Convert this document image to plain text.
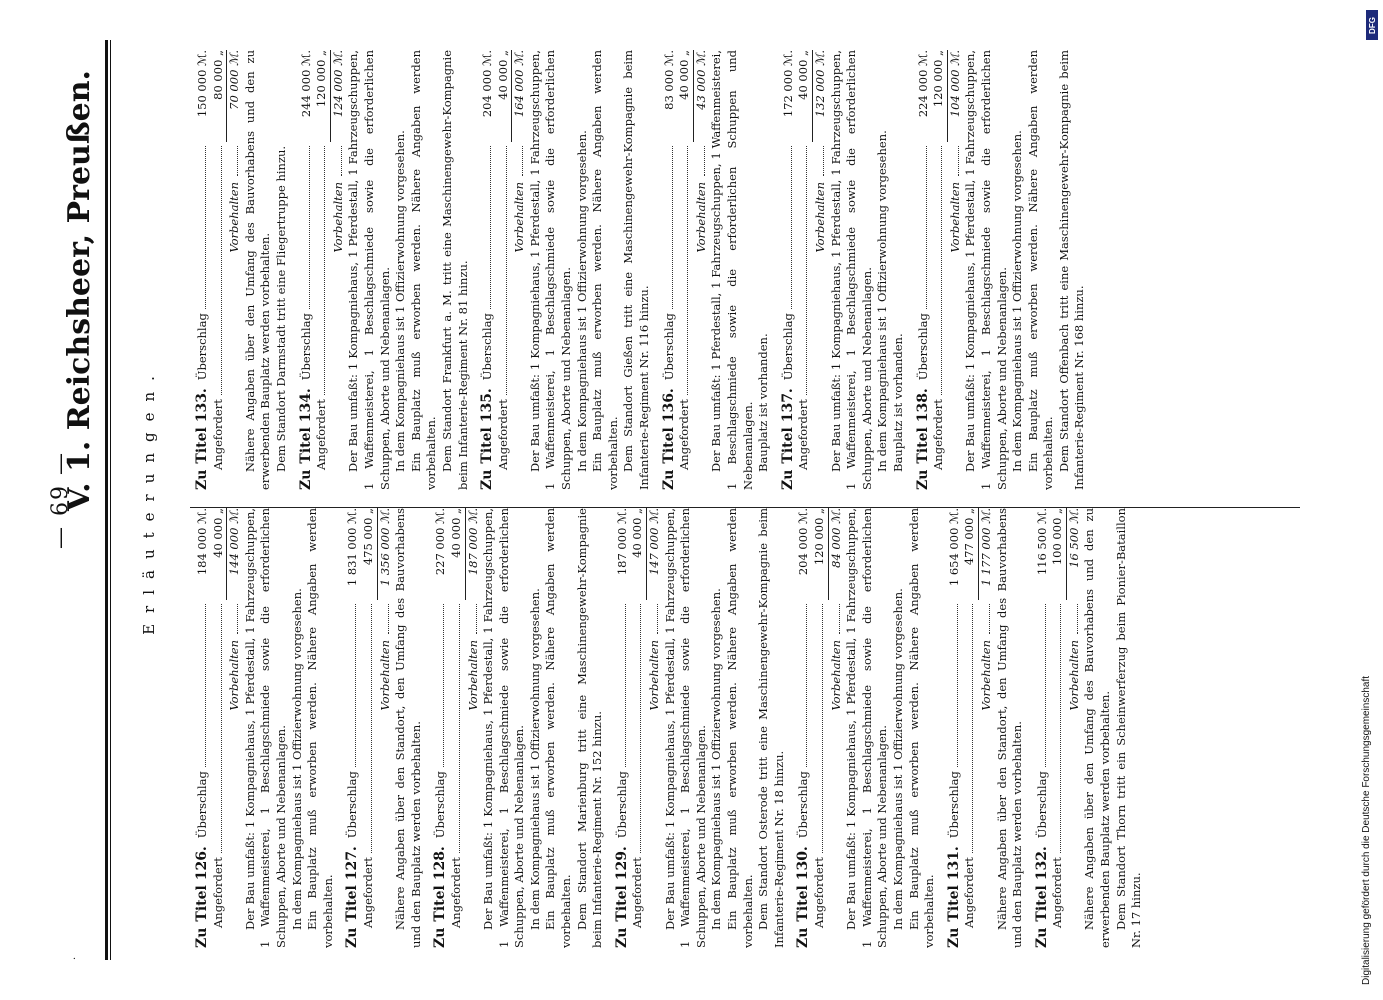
·
— 69 —
V. 1. Reichsheer, Preußen.	Erläuterungen.
Zu
Titel 126.
Überschlag
184 000 ℳ.
Angefordert
40 000 „
Vorbehalten
144 000 ℳ. Der Bau umfaßt: 1 Kompagniehaus, 1 Pferdestall, 1 Fahrzeugschuppen, 1 Waffenmeisterei, 1 Beschlagschmiede sowie die erforderlichen Schuppen, Aborte und Nebenanlagen. In dem Kompagniehaus ist 1 Offizierwohnung vorgesehen. Ein Bauplatz muß erworben werden. Nähere Angaben werden vorbehalten. Zu
Titel 127.
Überschlag
1 831 000 ℳ.
Angefordert
475 000 „
Vorbehalten
1 356 000 ℳ. Nähere Angaben über den Standort, den Umfang des Bauvorhabens und den Bauplatz werden vorbehalten. Zu
Titel 128.
Überschlag
227 000 ℳ.
Angefordert
40 000 „
Vorbehalten
187 000 ℳ. Der Bau umfaßt: 1 Kompagniehaus, 1 Pferdestall, 1 Fahrzeugschuppen, 1 Waffenmeisterei, 1 Beschlagschmiede sowie die erforderlichen Schuppen, Aborte und Nebenanlagen. In dem Kompagniehaus ist 1 Offizierwohnung vorgesehen. Ein Bauplatz muß erworben werden. Nähere Angaben werden vorbehalten. Dem Standort Marienburg tritt eine Maschinengewehr-Kompagnie beim Infanterie-Regiment Nr. 152 hinzu. Zu
Titel 129.
Überschlag
187 000 ℳ.
Angefordert
40 000 „
Vorbehalten
147 000 ℳ. Der Bau umfaßt: 1 Kompagniehaus, 1 Pferdestall, 1 Fahrzeugschuppen, 1 Waffenmeisterei, 1 Beschlagschmiede sowie die erforderlichen Schuppen, Aborte und Nebenanlagen. In dem Kompagniehaus ist 1 Offizierwohnung vorgesehen. Ein Bauplatz muß erworben werden. Nähere Angaben werden vorbehalten. Dem Standort Osterode tritt eine Maschinengewehr-Kompagnie beim Infanterie-Regiment Nr. 18 hinzu. Zu
Titel 130.
Überschlag
204 000 ℳ.
Angefordert
120 000 „
Vorbehalten
84 000 ℳ. Der Bau umfaßt: 1 Kompagniehaus, 1 Pferdestall, 1 Fahrzeugschuppen, 1 Waffenmeisterei, 1 Beschlagschmiede sowie die erforderlichen Schuppen, Aborte und Nebenanlagen. In dem Kompagniehaus ist 1 Offizierwohnung vorgesehen. Ein Bauplatz muß erworben werden. Nähere Angaben werden vorbehalten. Zu
Titel 131.
Überschlag
1 654 000 ℳ.
Angefordert
477 000 „
Vorbehalten
1 177 000 ℳ. Nähere Angaben über den Standort, den Umfang des Bauvorhabens und den Bauplatz werden vorbehalten. Zu
Titel 132.
Überschlag
116 500 ℳ.
Angefordert
100 000 „
Vorbehalten
16 500 ℳ. Nähere Angaben über den Umfang des Bauvorhabens und den zu erwerbenden Bauplatz werden vorbehalten. Dem Standort Thorn tritt ein Scheinwerferzug beim Pionier-Bataillon Nr. 17 hinzu.

Zu
Titel 133.
Überschlag
150 000 ℳ.
Angefordert
80 000 „
Vorbehalten
70 000 ℳ. Nähere Angaben über den Umfang des Bauvorhabens und den zu erwerbenden Bauplatz werden vorbehalten. Dem Standort Darmstadt tritt eine Fliegertruppe hinzu.

Zu
Titel 134.
Überschlag
244 000 ℳ.
Angefordert
120 000 „
Vorbehalten
124 000 ℳ. Der Bau umfaßt: 1 Kompagniehaus, 1 Pferdestall, 1 Fahrzeugschuppen, 1 Waffenmeisterei, 1 Beschlagschmiede sowie die erforderlichen Schuppen, Aborte und Nebenanlagen. In dem Kompagniehaus ist 1 Offizierwohnung vorgesehen. Ein Bauplatz muß erworben werden. Nähere Angaben werden vorbehalten. Dem Standort Frankfurt a. M. tritt eine Maschinengewehr-Kompagnie beim Infanterie-Regiment Nr. 81 hinzu. Zu
Titel 135.
Überschlag
204 000 ℳ.
Angefordert
40 000 „
Vorbehalten
164 000 ℳ. Der Bau umfaßt: 1 Kompagniehaus, 1 Pferdestall, 1 Fahrzeugschuppen, 1 Waffenmeisterei, 1 Beschlagschmiede sowie die erforderlichen Schuppen, Aborte und Nebenanlagen. In dem Kompagniehaus ist 1 Offizierwohnung vorgesehen. Ein Bauplatz muß erworben werden. Nähere Angaben werden vorbehalten. Dem Standort Gießen tritt eine Maschinengewehr-Kompagnie beim Infanterie-Regiment Nr. 116 hinzu. Zu
Titel 136.
Überschlag
83 000 ℳ.
Angefordert
40 000 „
Vorbehalten
43 000 ℳ. Der Bau umfaßt: 1 Pferdestall, 1 Fahrzeugschuppen, 1 Waffenmeisterei, 1 Beschlagschmiede sowie die erforderlichen Schuppen und Nebenanlagen. Bauplatz ist vorhanden.

Zu
Titel 137.
Überschlag
172 000 ℳ.
Angefordert
40 000 „
Vorbehalten
132 000 ℳ. Der Bau umfaßt: 1 Kompagniehaus, 1 Pferdestall, 1 Fahrzeugschuppen, 1 Waffenmeisterei, 1 Beschlagschmiede sowie die erforderlichen Schuppen, Aborte und Nebenanlagen. In dem Kompagniehaus ist 1 Offizierwohnung vorgesehen. Bauplatz ist vorhanden.

Zu
Titel 138.
Überschlag
224 000 ℳ.
Angefordert
120 000 „
Vorbehalten
104 000 ℳ. Der Bau umfaßt: 1 Kompagniehaus, 1 Pferdestall, 1 Fahrzeugschuppen, 1 Waffenmeisterei, 1 Beschlagschmiede sowie die erforderlichen Schuppen, Aborte und Nebenanlagen. In dem Kompagniehaus ist 1 Offizierwohnung vorgesehen. Ein Bauplatz muß erworben werden. Nähere Angaben werden vorbehalten. Dem Standort Offenbach tritt eine Maschinengewehr-Kompagnie beim Infanterie-Regiment Nr. 168 hinzu.

DFG
Digitalisierung gefördert durch die Deutsche Forschungsgemeinschaft
